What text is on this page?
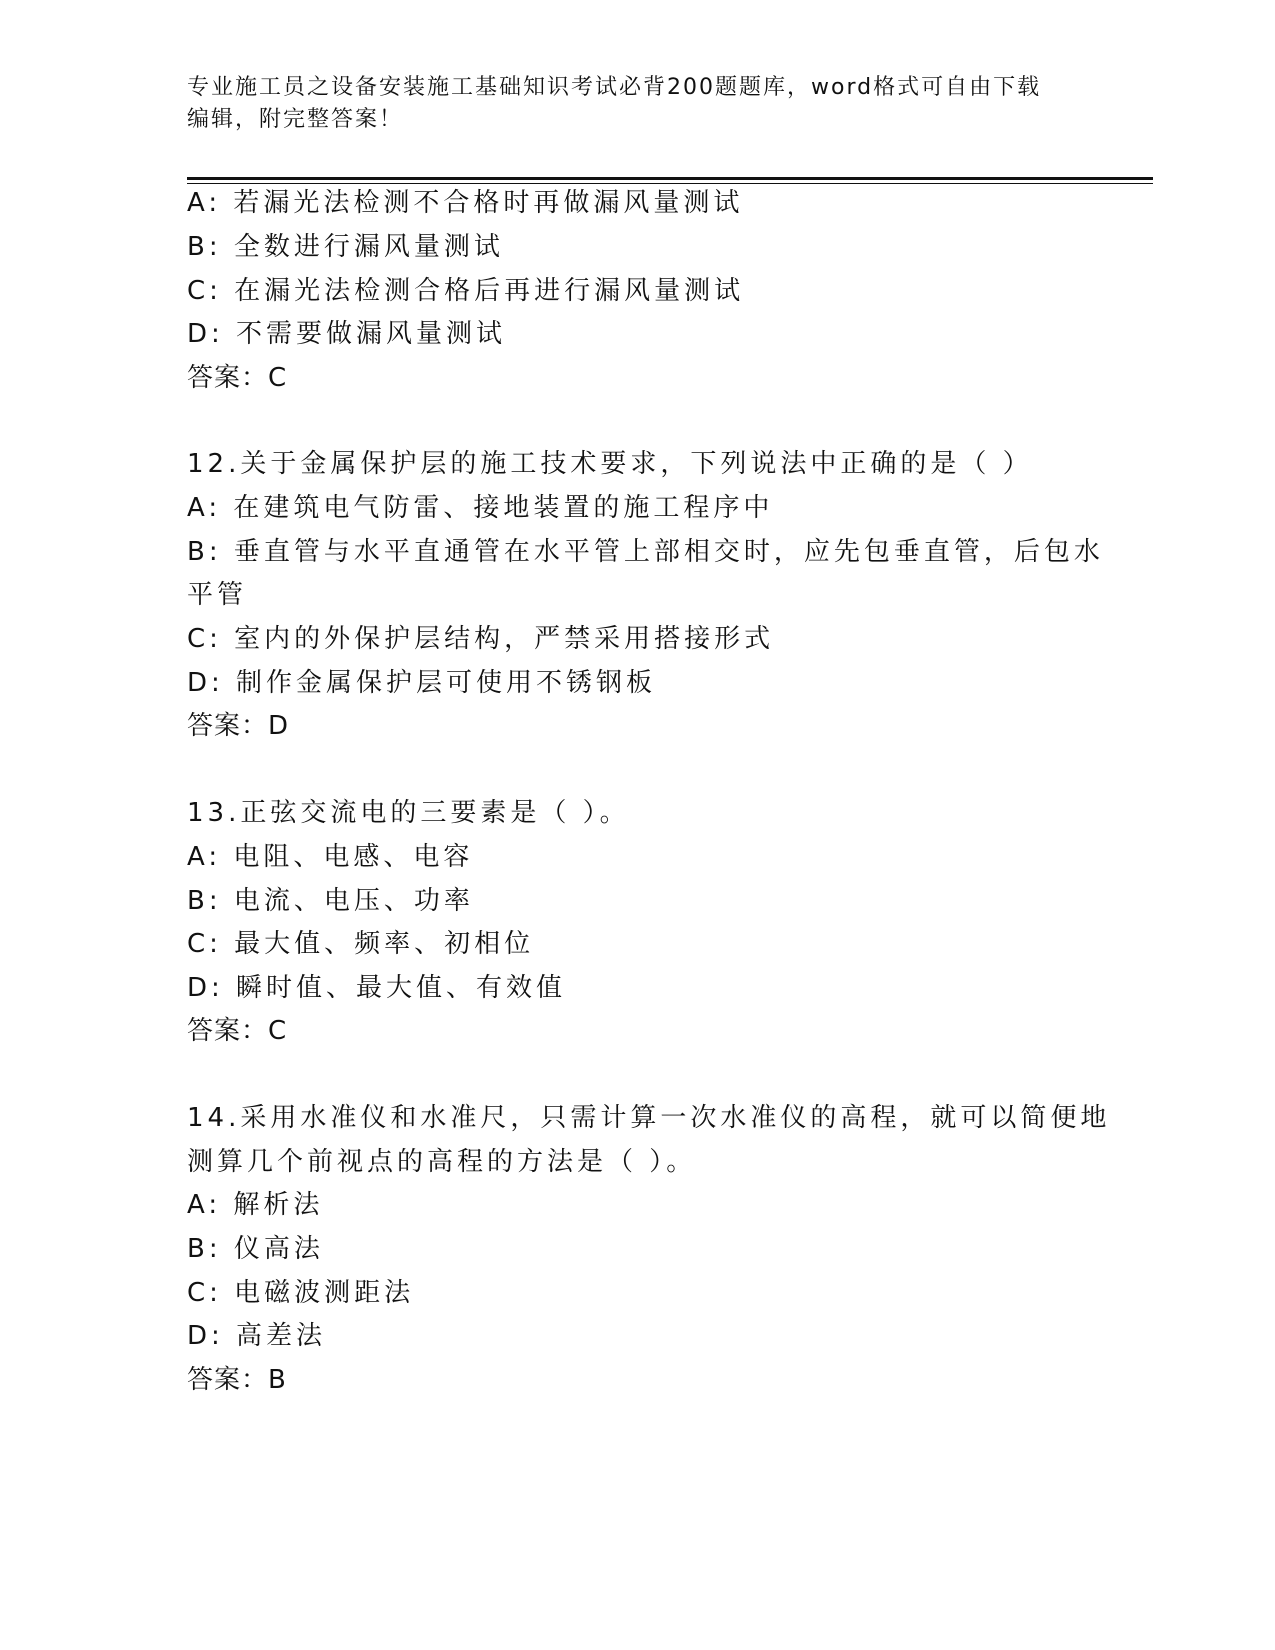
专业施工员之设备安装施工基础知识考试必背200题题库，word格式可自由下载
编辑，附完整答案！
A: 若漏光法检测不合格时再做漏风量测试
B: 全数进行漏风量测试
C: 在漏光法检测合格后再进行漏风量测试
D: 不需要做漏风量测试
答案：C
12.关于金属保护层的施工技术要求，下列说法中正确的是（ ）
A: 在建筑电气防雷、接地装置的施工程序中
B: 垂直管与水平直通管在水平管上部相交时，应先包垂直管，后包水
平管
C: 室内的外保护层结构，严禁采用搭接形式
D: 制作金属保护层可使用不锈钢板
答案：D
13.正弦交流电的三要素是（ ）。
A: 电阻、电感、电容
B: 电流、电压、功率
C: 最大值、频率、初相位
D: 瞬时值、最大值、有效值
答案：C
14.采用水准仪和水准尺，只需计算一次水准仪的高程，就可以简便地
测算几个前视点的高程的方法是（ ）。
A: 解析法
B: 仪高法
C: 电磁波测距法
D: 高差法
答案：B
